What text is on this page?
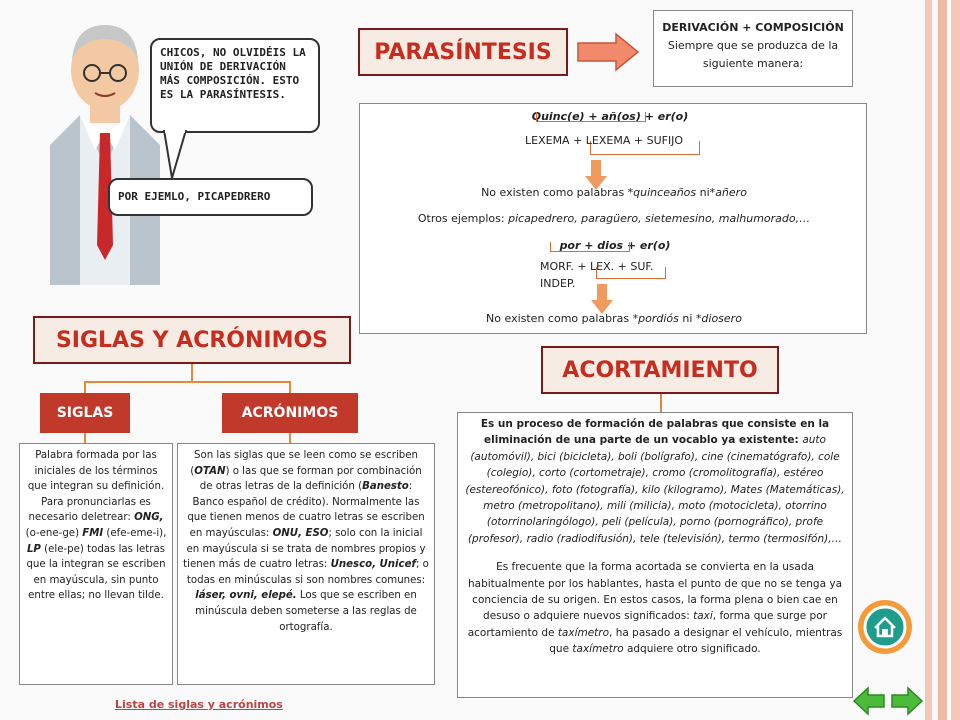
CHICOS, NO OLVIDÉIS LA UNIÓN DE DERIVACIÓN MÁS COMPOSICIÓN. ESTO ES LA PARASÍNTESIS.
POR EJEMLO, PICAPEDRERO
PARASÍNTESIS
DERIVACIÓN + COMPOSICIÓN
Siempre que se produzca de la siguiente manera:
Quinc(e) + añ(os) + er(o)
LEXEMA + LEXEMA + SUFIJO
No existen como palabras *quinceaños ni*añero
Otros ejemplos: picapedrero, paragüero, sietemesino, malhumorado,…
por + dios + er(o)
MORF. + LEX. + SUF.
INDEP.
No existen como palabras *pordiós ni *diosero
SIGLAS Y ACRÓNIMOS
SIGLAS	ACRÓNIMOS
Palabra formada por las iniciales de los términos que integran su definición. Para pronunciarlas es necesario deletrear: ONG, (o-ene-ge) FMI (efe-eme-i), LP (ele-pe) todas las letras que la integran se escriben en mayúscula, sin punto entre ellas; no llevan tilde.
Son las siglas que se leen como se escriben (OTAN) o las que se forman por combinación de otras letras de la definición (Banesto: Banco español de crédito). Normalmente las que tienen menos de cuatro letras se escriben en mayúsculas: ONU, ESO; solo con la inicial en mayúscula si se trata de nombres propios y tienen más de cuatro letras: Unesco, Unicef; o todas en minúsculas si son nombres comunes: láser, ovni, elepé. Los que se escriben en minúscula deben someterse a las reglas de ortografía.
Lista de siglas y acrónimos
ACORTAMIENTO
Es un proceso de formación de palabras que consiste en la eliminación de una parte de un vocablo ya existente: auto (automóvil), bici (bicicleta), boli (bolígrafo), cine (cinematógrafo), cole (colegio), corto (cortometraje), cromo (cromolitografía), estéreo (estereofónico), foto (fotografía), kilo (kilogramo), Mates (Matemáticas), metro (metropolitano), mili (milicia), moto (motocicleta), otorrino (otorrinolaringólogo), peli (película), porno (pornográfico), profe (profesor), radio (radiodifusión), tele (televisión), termo (termosifón),…
Es frecuente que la forma acortada se convierta en la usada habitualmente por los hablantes, hasta el punto de que no se tenga ya conciencia de su origen. En estos casos, la forma plena o bien cae en desuso o adquiere nuevos significados: taxi, forma que surge por acortamiento de taxímetro, ha pasado a designar el vehículo, mientras que taxímetro adquiere otro significado.
